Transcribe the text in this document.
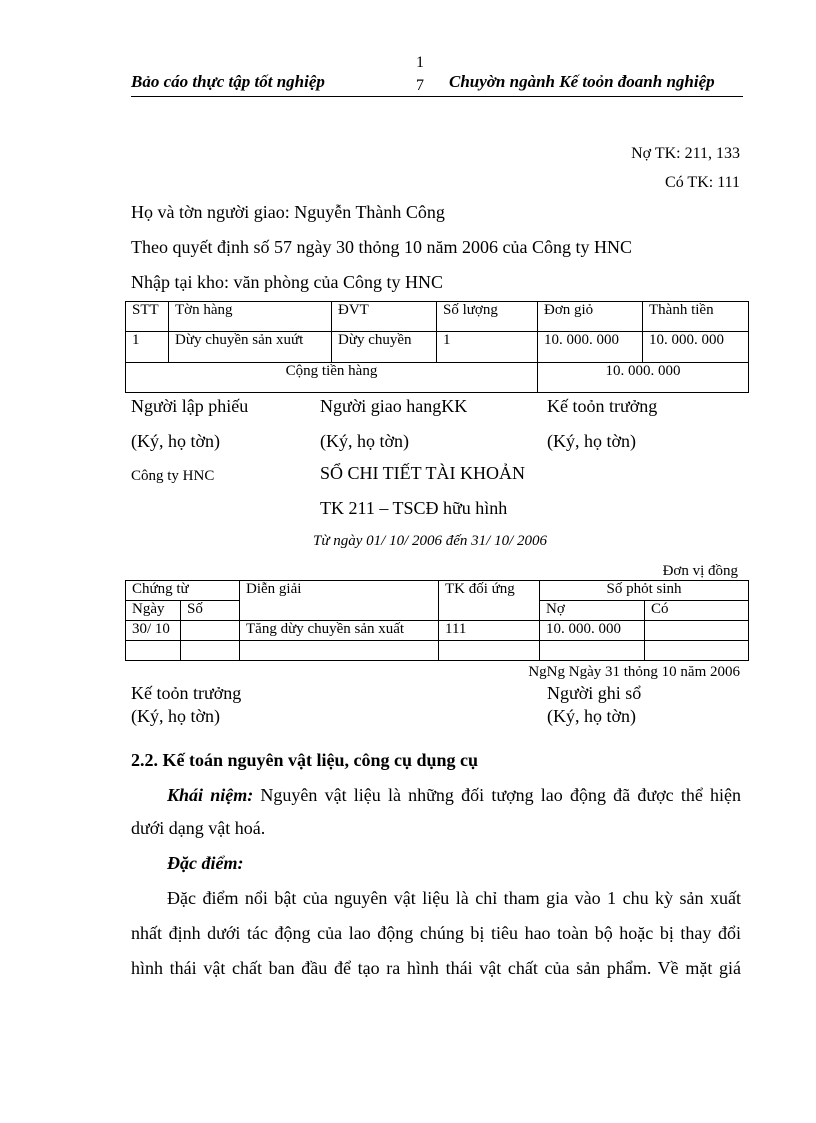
Bảo cáo thực tập tốt nghiệp
1
7 Chuyờn ngành Kế toỏn đoanh nghiệp
Nợ TK: 211, 133
Có TK: 111
Họ và tờn người giao: Nguyễn Thành Công
Theo quyết định số 57 ngày 30 thỏng 10 năm 2006 của Công ty HNC
Nhập tại kho: văn phòng của Công ty HNC
STT	Tờn hàng	ĐVT	Số lượng	Đơn giỏ	Thành tiền
1	Dừy chuyền sản xuứt	Dừy chuyền	1	10. 000. 000	10. 000. 000
Cộng tiền hàng				10. 000. 000	
Người lập phiếu	Người giao hangKK	Kế toỏn trưởng
(Ký, họ tờn)	(Ký, họ tờn)	(Ký, họ tờn)
Công ty HNC	SỔ CHI TIẾT TÀI KHOẢN
TK 211 – TSCĐ hữu hình
Từ ngày 01/ 10/ 2006 đến 31/ 10/ 2006
Đơn vị đồng
Chứng từ		Diễn giải	TK đối ứng	Số phỏt sinh	
Ngày	Số			Nợ	Có
30/ 10		Tăng dừy chuyền sản xuất	111	10. 000. 000	

NgNg Ngày 31 thỏng 10 năm 2006
Kế toỏn trưởng	Người ghi sổ
(Ký, họ tờn)	(Ký, họ tờn)
2.2. Kế toán nguyên vật liệu, công cụ dụng cụ
Khái niệm: Nguyên vật liệu là những đối tượng lao động đã được thể hiện
dưới dạng vật hoá.
Đặc điểm:
Đặc điểm nổi bật của nguyên vật liệu là chỉ tham gia vào 1 chu kỳ sản xuất
nhất định dưới tác động của lao động chúng bị tiêu hao toàn bộ hoặc bị thay đổi
hình thái vật chất ban đầu để tạo ra hình thái vật chất của sản phẩm. Về mặt giá
